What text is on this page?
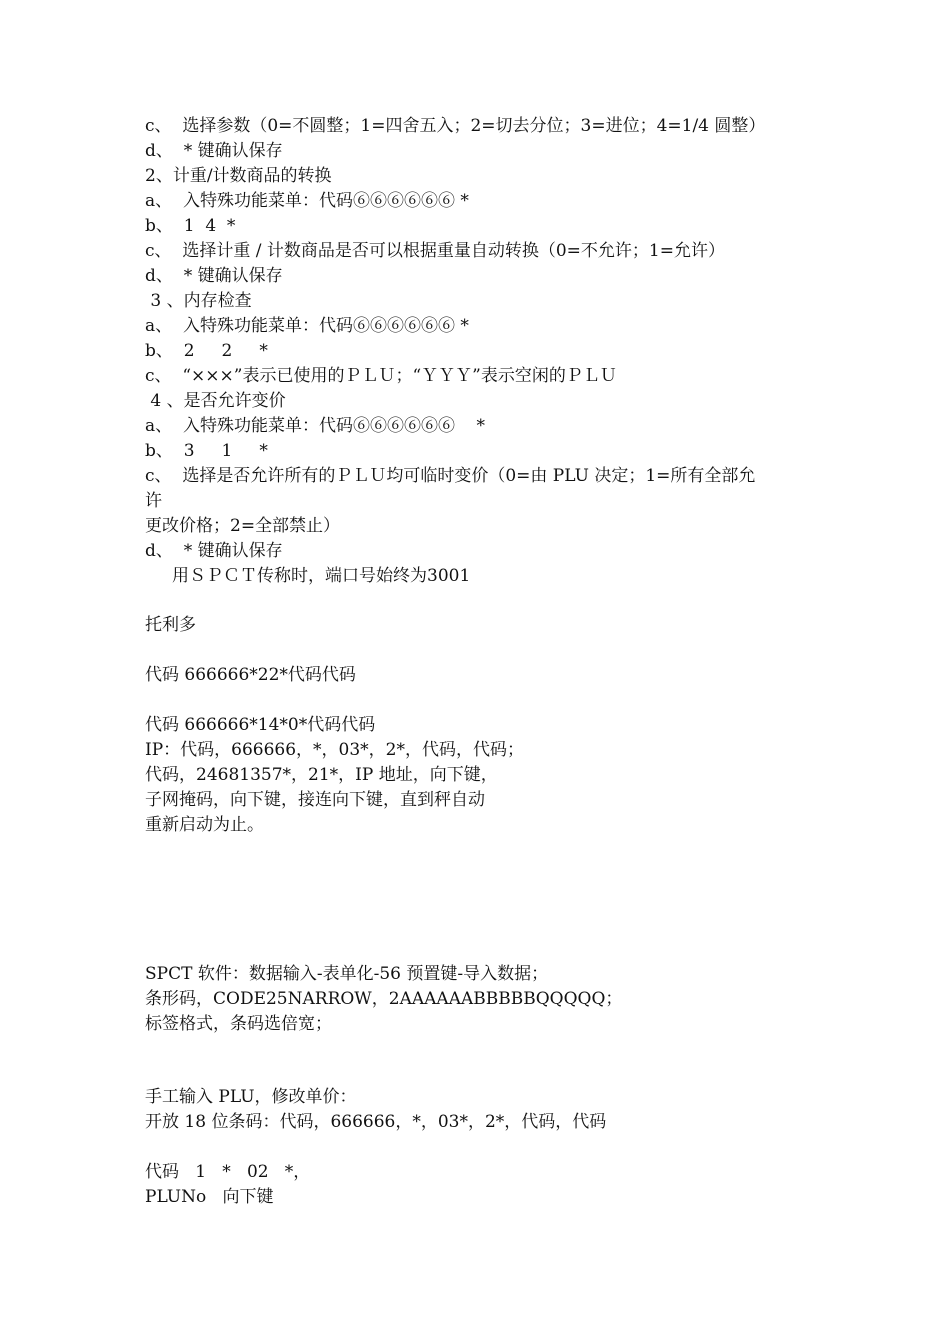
c、  选择参数（0=不圆整；1=四舍五入；2=切去分位；3=进位；4=1/4 圆整）

d、  * 键确认保存

2、计重/计数商品的转换

a、  入特殊功能菜单：代码⑥⑥⑥⑥⑥⑥ *

b、  1  4  *

c、  选择计重 / 计数商品是否可以根据重量自动转换（0=不允许；1=允许）

d、  * 键确认保存

3 、内存检查

a、  入特殊功能菜单：代码⑥⑥⑥⑥⑥⑥ *

b、  2     2     *

c、  “×××”表示已使用的ＰＬＵ；“ＹＹＹ”表示空闲的ＰＬＵ

4 、是否允许变价

a、  入特殊功能菜单：代码⑥⑥⑥⑥⑥⑥    *

b、  3     1     *

c、  选择是否允许所有的ＰＬＵ均可临时变价（0=由 PLU 决定；1=所有全部允

许

更改价格；2=全部禁止）

d、  * 键确认保存

用ＳＰＣＴ传称时，端口号始终为3001

托利多

代码 666666*22*代码代码

代码 666666*14*0*代码代码

IP：代码，666666，*，03*，2*，代码，代码；

代码，24681357*，21*，IP 地址，向下键，

子网掩码，向下键，接连向下键，直到秤自动

重新启动为止。

SPCT 软件：数据输入-表单化-56 预置键-导入数据；

条形码，CODE25NARROW，2AAAAAABBBBBQQQQQ；

标签格式，条码选倍宽；

手工输入 PLU，修改单价：

开放 18 位条码：代码，666666，*，03*，2*，代码，代码

代码   1   *   02   *，

PLUNo   向下键
